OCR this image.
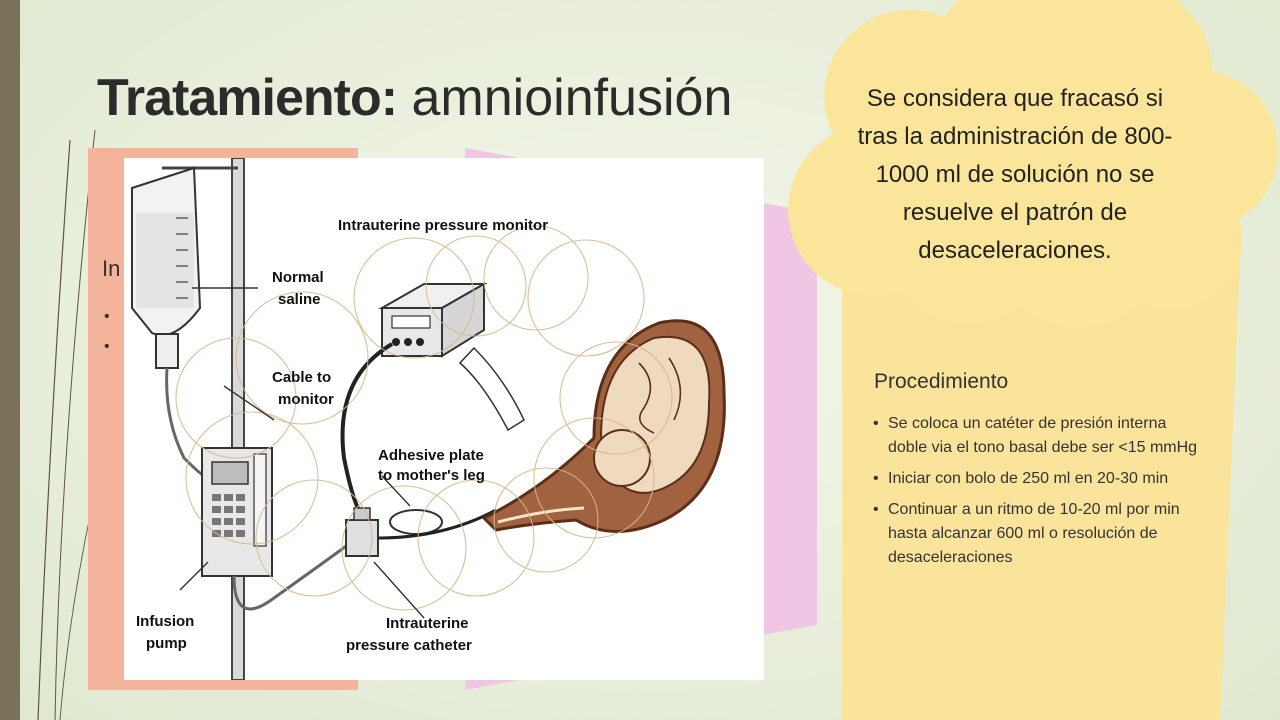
Tratamiento: amnioinfusión
In
•
•
Intrauterine pressure monitor
Normal
saline
Cable to
monitor
Adhesive plate
to mother's leg
Infusion
pump
Intrauterine
pressure catheter
Se considera que fracasó si tras la administración de 800-1000 ml de solución no se resuelve el patrón de desaceleraciones.
Procedimiento
• Se coloca un catéter de presión interna doble via el tono basal debe ser <15 mmHg
• Iniciar con bolo de 250 ml en 20-30 min
• Continuar a un ritmo de 10-20 ml por min hasta alcanzar 600 ml o resolución de desaceleraciones
